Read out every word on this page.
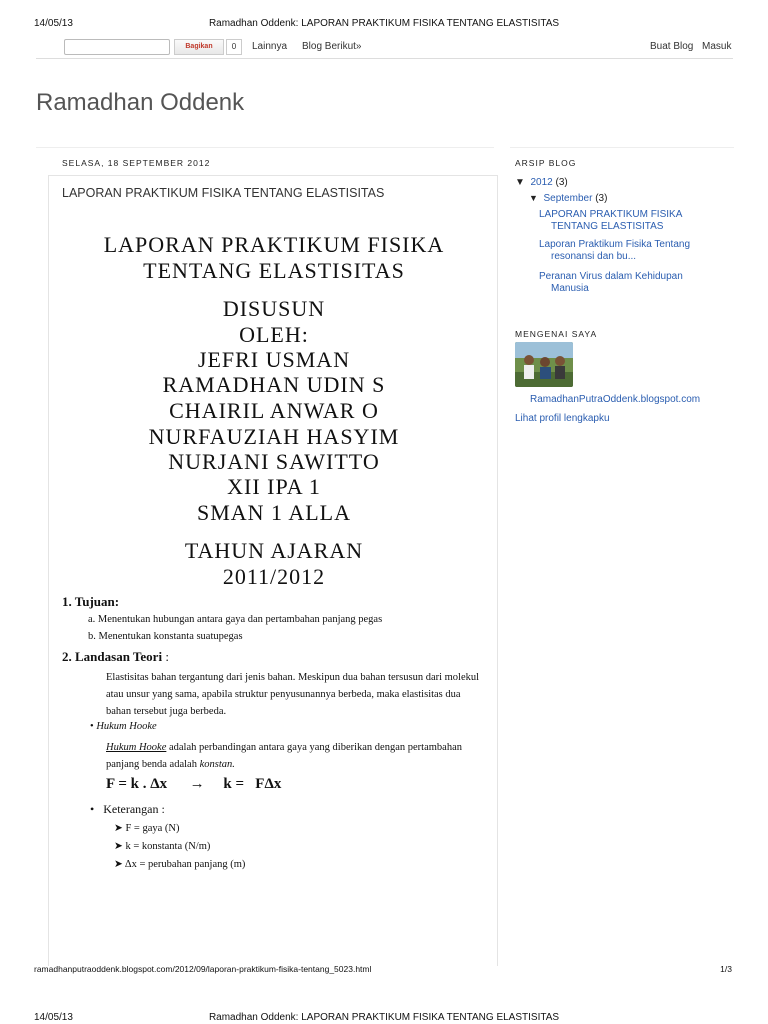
14/05/13	Ramadhan Oddenk: LAPORAN PRAKTIKUM FISIKA TENTANG ELASTISITAS
Bagikan	0	Lainnya Blog Berikut»	Buat Blog Masuk
Ramadhan Oddenk
SELASA, 18 SEPTEMBER 2012
LAPORAN PRAKTIKUM FISIKA TENTANG ELASTISITAS
LAPORAN PRAKTIKUM FISIKA
TENTANG ELASTISITAS
DISUSUN
OLEH:
JEFRI USMAN
RAMADHAN UDIN S
CHAIRIL ANWAR O
NURFAUZIAH HASYIM
NURJANI SAWITTO
XII IPA 1
SMAN 1 ALLA
TAHUN AJARAN
2011/2012
1. Tujuan:
a. Menentukan hubungan antara gaya dan pertambahan panjang pegas
b. Menentukan konstanta suatupegas
2. Landasan Teori :
Elastisitas bahan tergantung dari jenis bahan. Meskipun dua bahan tersusun dari molekul atau unsur yang sama, apabila struktur penyusunannya berbeda, maka elastisitas dua bahan tersebut juga berbeda.
• Hukum Hooke
Hukum Hooke adalah perbandingan antara gaya yang diberikan dengan pertambahan panjang benda adalah konstan.
F = k . Δx      →     k =   FΔx
• Keterangan :
➤ F = gaya (N)
➤ k = konstanta (N/m)
➤ Δx = perubahan panjang (m)
ARSIP BLOG
▼ 2012 (3)
▼ September (3)
LAPORAN PRAKTIKUM FISIKA
TENTANG ELASTISITAS
Laporan Praktikum Fisika Tentang
resonansi dan bu...
Peranan Virus dalam Kehidupan
Manusia
MENGENAI SAYA
RamadhanPutraOddenk.blogspot.com
Lihat profil lengkapku
ramadhanputraoddenk.blogspot.com/2012/09/laporan-praktikum-fisika-tentang_5023.html	1/3
14/05/13	Ramadhan Oddenk: LAPORAN PRAKTIKUM FISIKA TENTANG ELASTISITAS
